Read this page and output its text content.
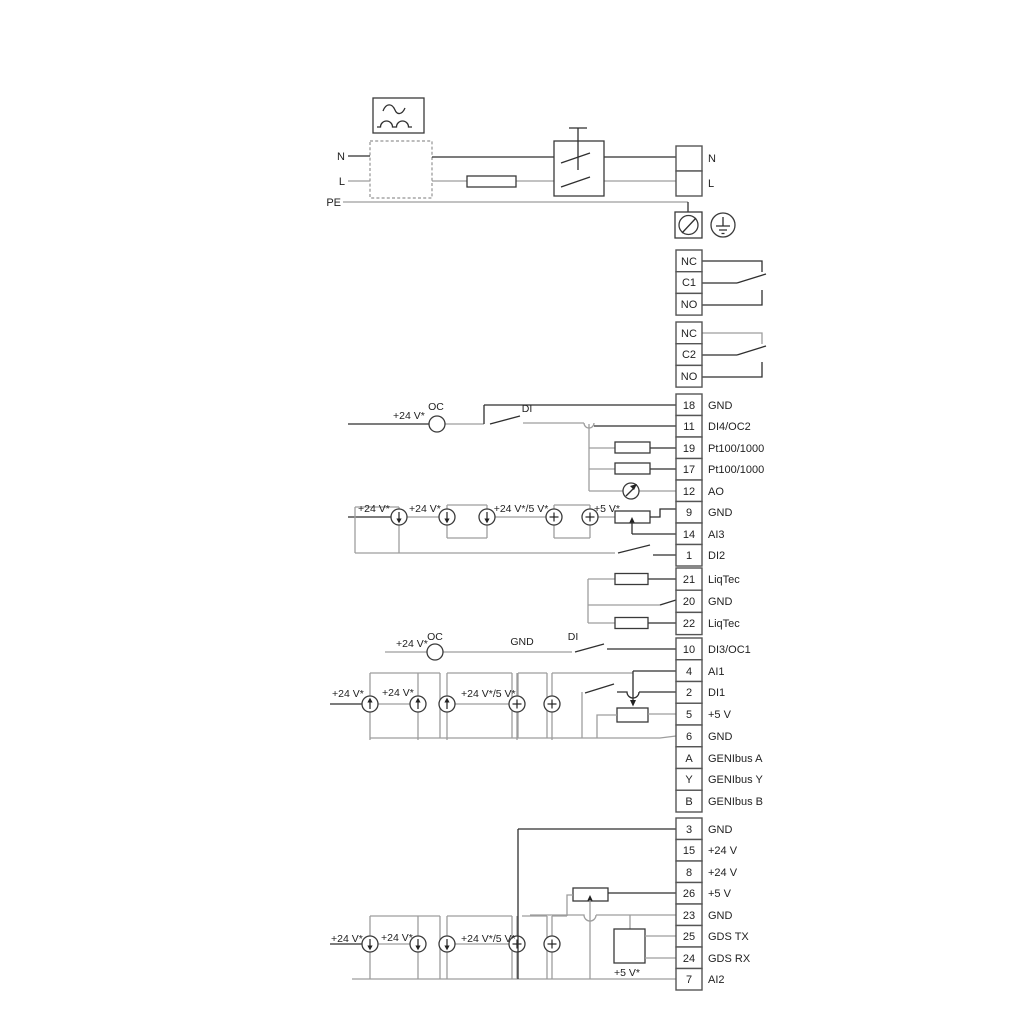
N
L
PE
N
L
NC
C1
NO
NC
C2
NO
+24 V*
OC	DI
+24 V* +24 V*	+24 V*/5 V*	+5 V*
+24 V*
OC	GND	DI
+24 V* +24 V*	+24 V*/5 V*
+24 V* +24 V*	+24 V*/5 V*
+5 V*
18 GND
11 DI4/OC2
19 Pt100/1000
17 Pt100/1000
12 AO
9 GND
14 AI3
1 DI2
21 LiqTec
20 GND
22 LiqTec
10 DI3/OC1
4 AI1
2 DI1
5 +5 V
6 GND
A GENIbus A
Y GENIbus Y
B GENIbus B
3 GND
15 +24 V
8 +24 V
26 +5 V
23 GND
25 GDS TX
24 GDS RX
7 AI2
